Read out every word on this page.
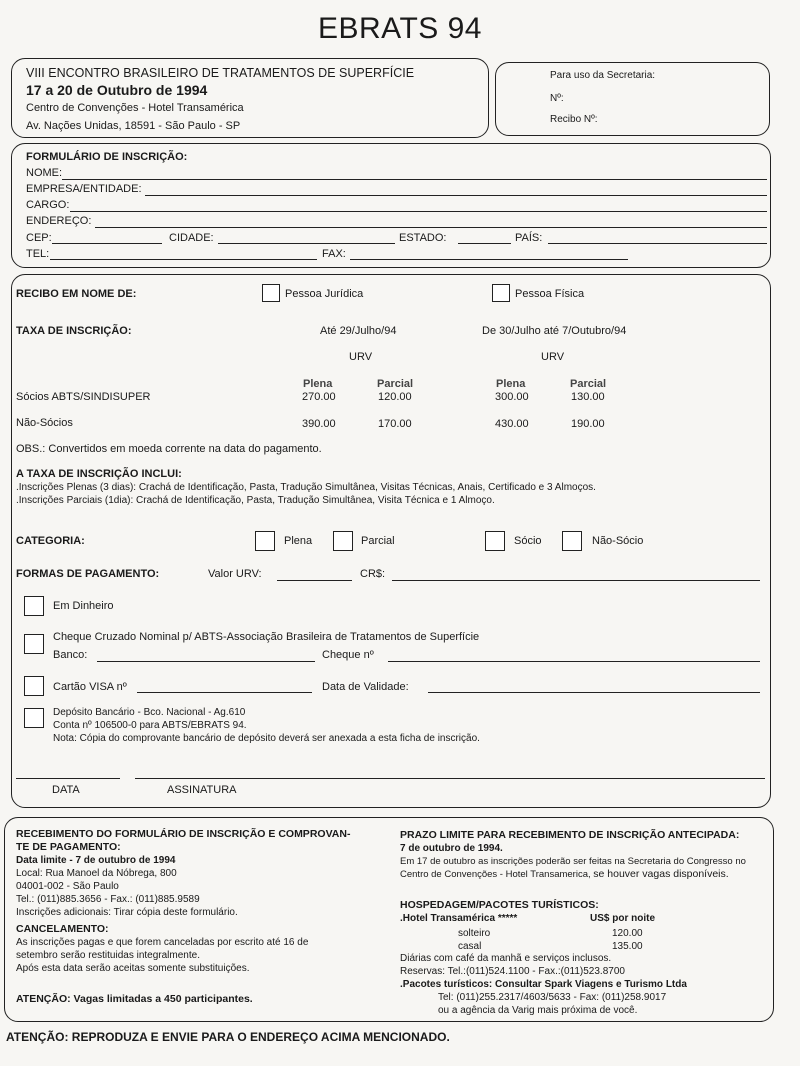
EBRATS 94
VIII ENCONTRO BRASILEIRO DE TRATAMENTOS DE SUPERFÍCIE
17 a 20 de Outubro de 1994
Centro de Convenções - Hotel Transamérica
Av. Nações Unidas, 18591 - São Paulo - SP
Para uso da Secretaria:
Nº:
Recibo Nº:
FORMULÁRIO DE INSCRIÇÃO:
NOME:
EMPRESA/ENTIDADE:
CARGO:
ENDEREÇO:
CEP:	CIDADE:	ESTADO:	PAÍS:
TEL:	FAX:
RECIBO EM NOME DE:	Pessoa Jurídica	Pessoa Física
TAXA DE INSCRIÇÃO:	Até 29/Julho/94	De 30/Julho até 7/Outubro/94
URV	URV
Plena	Parcial	Plena	Parcial
Sócios ABTS/SINDISUPER	270.00	120.00	300.00	130.00
Não-Sócios	390.00	170.00	430.00	190.00
OBS.: Convertidos em moeda corrente na data do pagamento.
A TAXA DE INSCRIÇÃO INCLUI:
.Inscrições Plenas (3 dias): Crachá de Identificação, Pasta, Tradução Simultânea, Visitas Técnicas, Anais, Certificado e 3 Almoços.
.Inscrições Parciais (1dia): Crachá de Identificação, Pasta, Tradução Simultânea, Visita Técnica e 1 Almoço.
CATEGORIA:	Plena	Parcial	Sócio	Não-Sócio
FORMAS DE PAGAMENTO:	Valor URV:	CR$:
Em Dinheiro
Cheque Cruzado Nominal p/ ABTS-Associação Brasileira de Tratamentos de Superfície
Banco:	Cheque nº
Cartão VISA nº	Data de Validade:
Depósito Bancário - Bco. Nacional - Ag.610
Conta nº 106500-0 para ABTS/EBRATS 94.
Nota: Cópia do comprovante bancário de depósito deverá ser anexada a esta ficha de inscrição.
DATA	ASSINATURA
RECEBIMENTO DO FORMULÁRIO DE INSCRIÇÃO E COMPROVAN-
TE DE PAGAMENTO:
Data limite - 7 de outubro de 1994
Local: Rua Manoel da Nóbrega, 800
04001-002 - São Paulo
Tel.: (011)885.3656 - Fax.: (011)885.9589
Inscrições adicionais: Tirar cópia deste formulário.
CANCELAMENTO:
As inscrições pagas e que forem canceladas por escrito até 16 de
setembro serão restituidas integralmente.
Após esta data serão aceitas somente substituições.
ATENÇÃO: Vagas limitadas a 450 participantes.
PRAZO LIMITE PARA RECEBIMENTO DE INSCRIÇÃO ANTECIPADA:
7 de outubro de 1994.
Em 17 de outubro as inscrições poderão ser feitas na Secretaria do Congresso no
Centro de Convenções - Hotel Transamerica, se houver vagas disponíveis.
HOSPEDAGEM/PACOTES TURÍSTICOS:
.Hotel Transamérica *****	US$ por noite
solteiro	120.00
casal	135.00
Diárias com café da manhã e serviços inclusos.
Reservas: Tel.:(011)524.1100 - Fax.:(011)523.8700
.Pacotes turísticos: Consultar Spark Viagens e Turismo Ltda
Tel: (011)255.2317/4603/5633 - Fax: (011)258.9017
ou a agência da Varig mais próxima de você.
ATENÇÃO: REPRODUZA E ENVIE PARA O ENDEREÇO ACIMA MENCIONADO.
